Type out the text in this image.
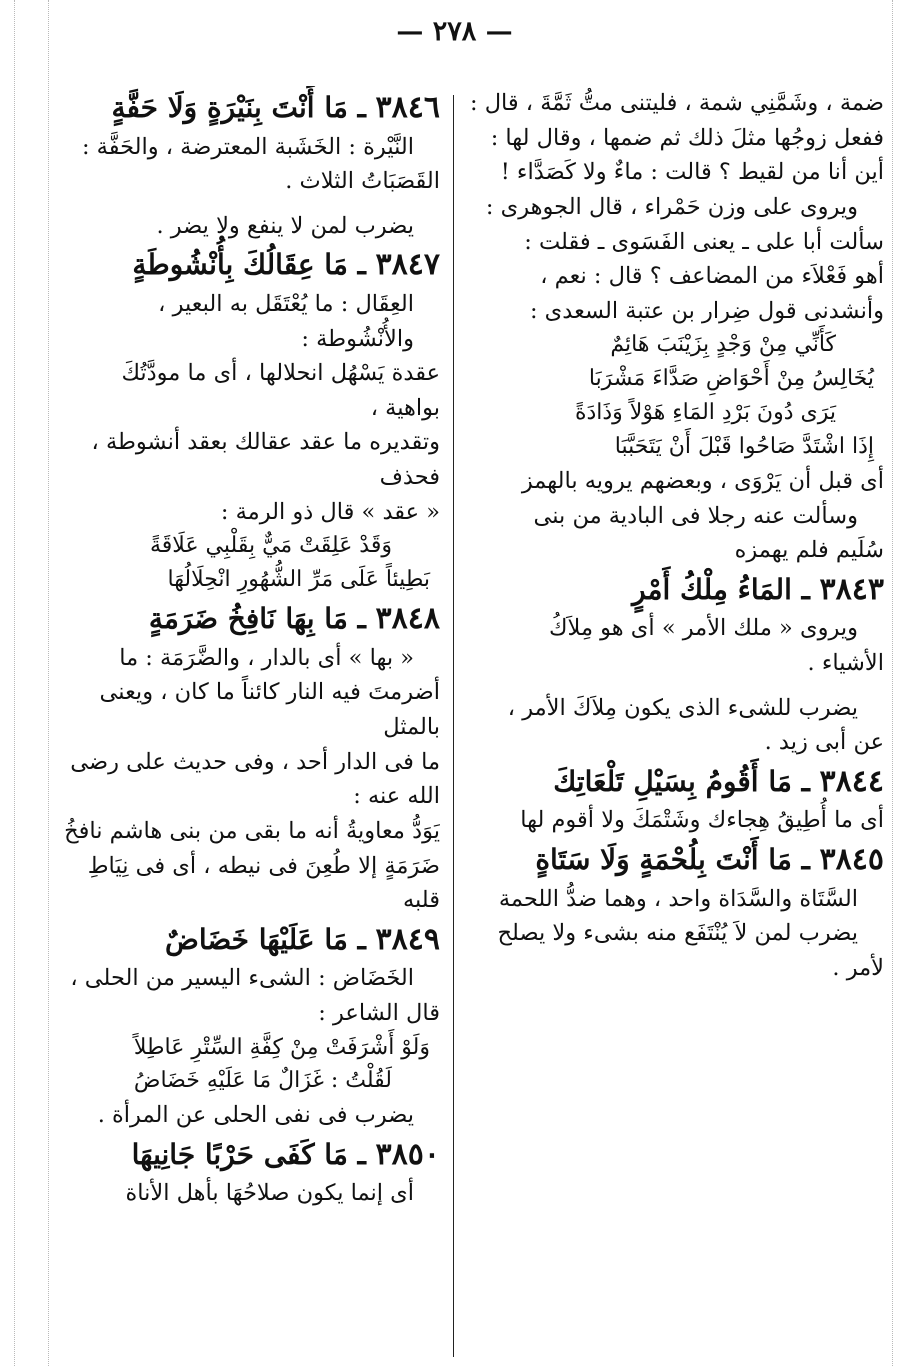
— ٢٧٨ —

ضمة ، وشَمَّنِي شمة ، فليتنى متُّ ثَمَّةَ ، قال :

ففعل زوجُها مثلَ ذلك ثم ضمها ، وقال لها :

أين أنا من لقيط ؟ قالت : ماءٌ ولا كَصَدَّاء !

ويروى على وزن حَمْراء ، قال الجوهرى :

سألت أبا على ـ يعنى الفَسَوى ـ فقلت :

أهو فَعْلاَء من المضاعف ؟ قال : نعم ،

وأنشدنى قول ضِرار بن عتبة السعدى :

كَأَنِّي مِنْ وَجْدٍ بِزَيْنَبَ هَائِمٌ

يُخَالِسُ مِنْ أَحْوَاضِ صَدَّاءَ مَشْرَبَا

يَرَى دُونَ بَرْدِ المَاءِ هَوْلاً وَذَادَةً

إِذَا اشْتَدَّ صَاحُوا قَبْلَ أَنْ يَتَحَبَّبَا

أى قبل أن يَرْوَى ، وبعضهم يرويه بالهمز

وسألت عنه رجلا فى البادية من بنى

سُلَيم فلم يهمزه

٣٨٤٣ ـ المَاءُ مِلْكُ أَمْرٍ

ويروى « ملك الأمر » أى هو مِلاَكُ

الأشياء .

يضرب للشىء الذى يكون مِلاَكَ الأمر ،

عن أبى زيد .

٣٨٤٤ ـ مَا أَقُومُ بِسَيْلِ تَلْعَاتِكَ

أى ما أُطِيقُ هِجاءك وشَتْمَكَ ولا أقوم لها

٣٨٤٥ ـ مَا أَنْتَ بِلُحْمَةٍ وَلَا سَتَاةٍ

السَّتَاة والسَّدَاة واحد ، وهما ضدُّ اللحمة

يضرب لمن لاَ يُنْتَفَع منه بشىء ولا يصلح

لأمر .

٣٨٤٦ ـ مَا أَنْتَ بِنَيْرَةٍ وَلَا حَفَّةٍ

النَّيْرة : الخَشَبة المعترضة ، والحَفَّة :

القَصَبَاتُ الثلاث .

يضرب لمن لا ينفع ولا يضر .

٣٨٤٧ ـ مَا عِقَالُكَ بِأُنْشُوطَةٍ

العِقَال : ما يُعْتَقَل به البعير ، والأُنْشُوطة :

عقدة يَسْهُل انحلالها ، أى ما مودَّتُكَ بواهية ،

وتقديره ما عقد عقالك بعقد أنشوطة ، فحذف

« عقد » قال ذو الرمة :

وَقَدْ عَلِقَتْ مَيٌّ بِقَلْبِي عَلَاقَةً

بَطِيئاً عَلَى مَرِّ الشُّهُورِ انْحِلَالُهَا

٣٨٤٨ ـ مَا بِهَا نَافِخُ ضَرَمَةٍ

« بها » أى بالدار ، والضَّرَمَة : ما

أضرمتَ فيه النار كائناً ما كان ، ويعنى بالمثل

ما فى الدار أحد ، وفى حديث على رضى الله عنه :

يَوَدُّ معاويةُ أنه ما بقى من بنى هاشم نافخُ

ضَرَمَةٍ إلا طُعِنَ فى نيطه ، أى فى نِيَاطِ قلبه

٣٨٤٩ ـ مَا عَلَيْهَا خَضَاضٌ

الخَضَاض : الشىء اليسير من الحلى ،

قال الشاعر :

وَلَوْ أَشْرَفَتْ مِنْ كِفَّةِ السِّتْرِ عَاطِلاً

لَقُلْتُ : غَزَالٌ مَا عَلَيْهِ خَضَاضُ

يضرب فى نفى الحلى عن المرأة .

٣٨٥٠ ـ مَا كَفَى حَرْبًا جَانِيهَا

أى إنما يكون صلاحُهَا بأهل الأناة
